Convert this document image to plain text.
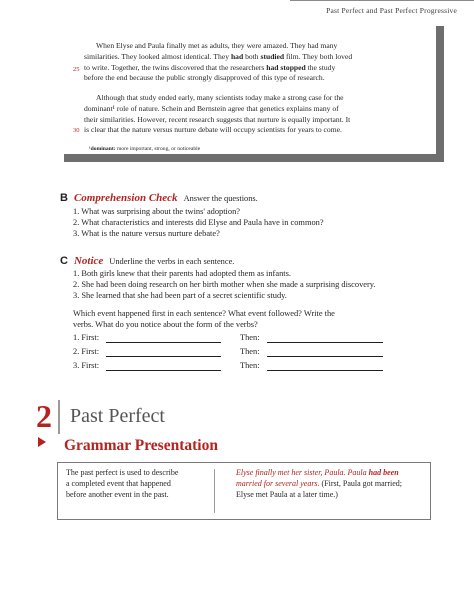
Past Perfect and Past Perfect Progressive
When Elyse and Paula finally met as adults, they were amazed. They had many
similarities. They looked almost identical. They had both studied film. They both loved
to write. Together, the twins discovered that the researchers had stopped the study
before the end because the public strongly disapproved of this type of research.
25
Although that study ended early, many scientists today make a strong case for the
dominant¹ role of nature. Schein and Bernstein agree that genetics explains many of
their similarities. However, recent research suggests that nurture is equally important. It
is clear that the nature versus nurture debate will occupy scientists for years to come.
30
¹dominant: more important, strong, or noticeable
■
B Comprehension Check Answer the questions.
1. What was surprising about the twins' adoption?
2. What characteristics and interests did Elyse and Paula have in common?
3. What is the nature versus nurture debate?
C Notice Underline the verbs in each sentence.
1. Both girls knew that their parents had adopted them as infants.
2. She had been doing research on her birth mother when she made a surprising discovery.
3. She learned that she had been part of a secret scientific study.
Which event happened first in each sentence? What event followed? Write the
verbs. What do you notice about the form of the verbs?
1. First:	Then:
2. First:	Then:
3. First:	Then:
2 Past Perfect
Grammar Presentation
The past perfect is used to describe
a completed event that happened
before another event in the past.
Elyse finally met her sister, Paula. Paula had been
married for several years. (First, Paula got married;
Elyse met Paula at a later time.)
